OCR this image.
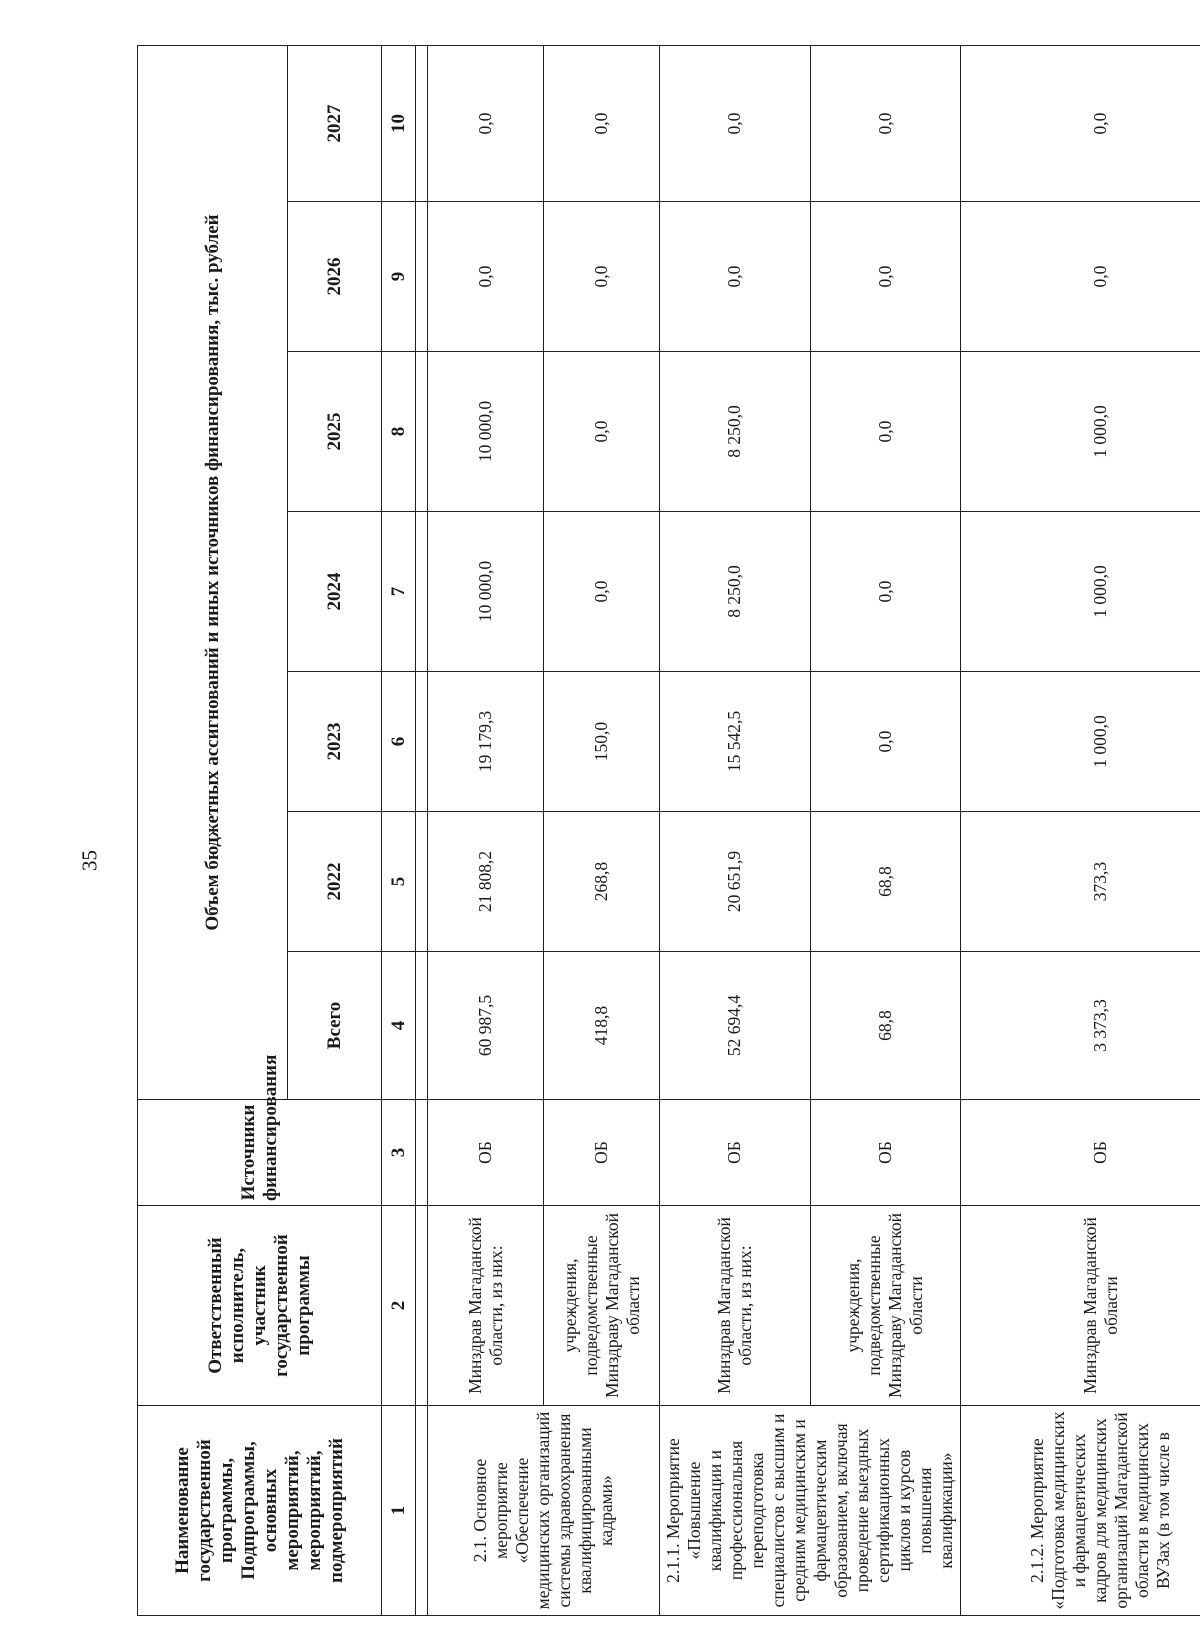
35
Наименование государственной программы, Подпрограммы, основных мероприятий, мероприятий, подмероприятий	Ответственный исполнитель, участник государственной программы	Источники финансирования	Объем бюджетных ассигнований и иных источников финансирования, тыс. рублей						
			Всего	2022	2023	2024	2025	2026	2027
1	2	3	4	5	6	7	8	9	10

2.1. Основное мероприятие «Обеспечение медицинских организаций системы здравоохранения квалифицированными кадрами»	Минздрав Магаданской области, из них:	ОБ	60 987,5	21 808,2	19 179,3	10 000,0	10 000,0	0,0	0,0
	учреждения, подведомственные Минздраву Магаданской области	ОБ	418,8	268,8	150,0	0,0	0,0	0,0	0,0
2.1.1. Мероприятие «Повышение квалификации и профессиональная переподготовка специалистов с высшим и средним медицинским и фармацевтическим образованием, включая проведение выездных сертификационных циклов и курсов повышения квалификации»	Минздрав Магаданской области, из них:	ОБ	52 694,4	20 651,9	15 542,5	8 250,0	8 250,0	0,0	0,0
	учреждения, подведомственные Минздраву Магаданской области	ОБ	68,8	68,8	0,0	0,0	0,0	0,0	0,0
2.1.2. Мероприятие «Подготовка медицинских и фармацевтических кадров для медицинских организаций Магаданской области в медицинских ВУЗах (в том числе в	Минздрав Магаданской области	ОБ	3 373,3	373,3	1 000,0	1 000,0	1 000,0	0,0	0,0
